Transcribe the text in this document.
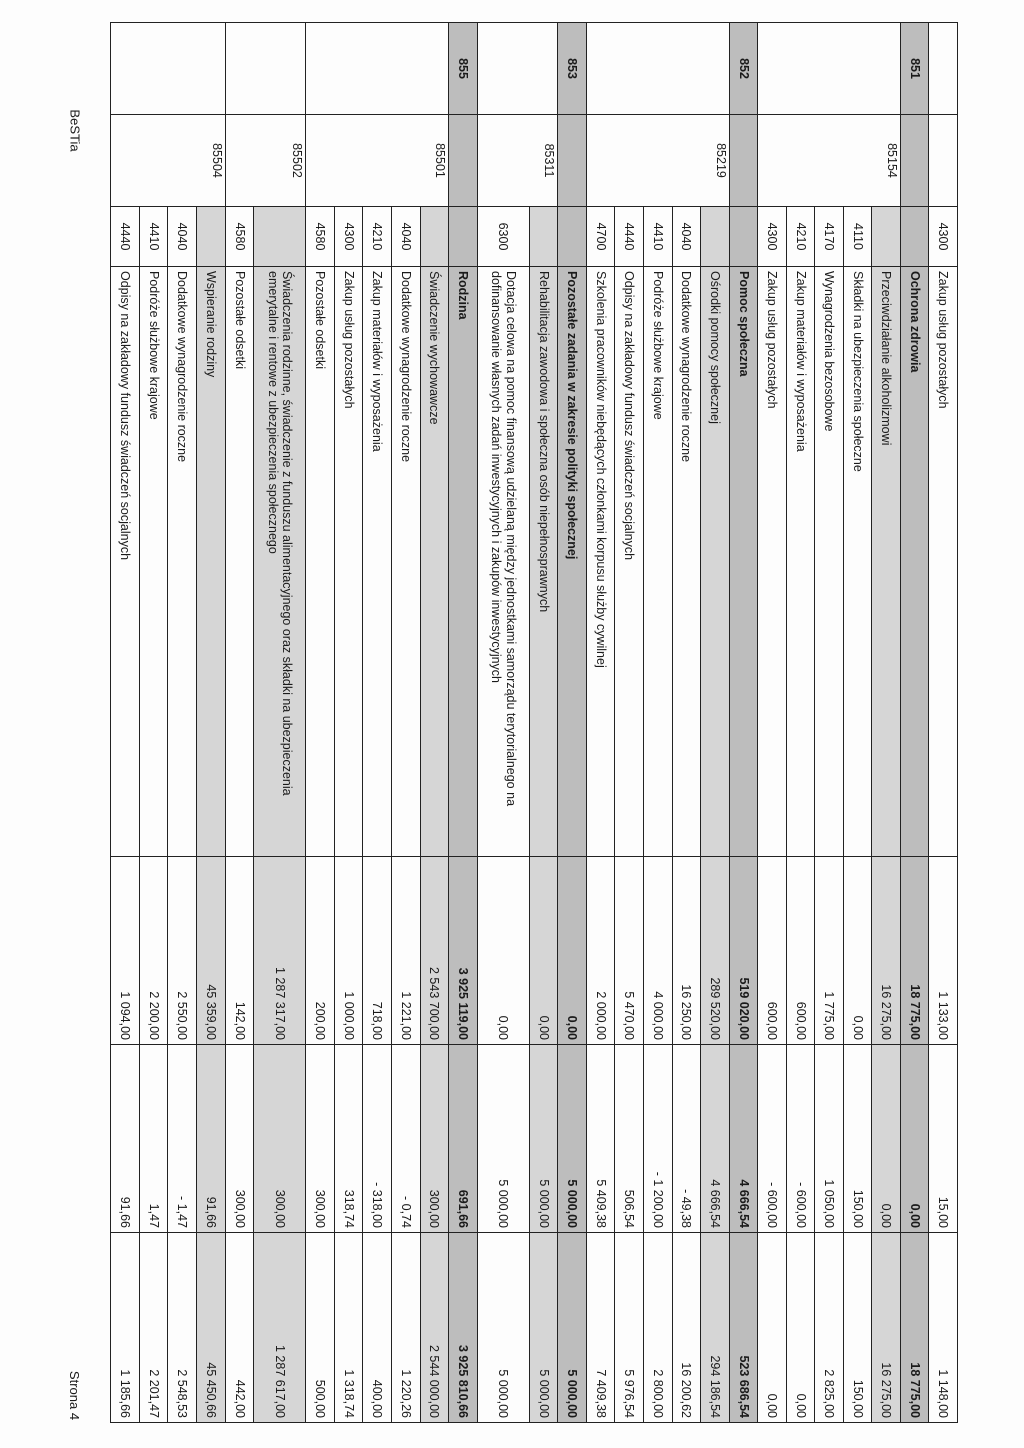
BeSTia
Strona 4
		4300	Zakup usług pozostałych	1 133,00	15,00	1 148,00
851			Ochrona zdrowia	18 775,00	0,00	18 775,00
	85154		Przeciwdziałanie alkoholizmowi	16 275,00	0,00	16 275,00
		4110	Składki na ubezpieczenia społeczne	0,00	150,00	150,00
		4170	Wynagrodzenia bezosobowe	1 775,00	1 050,00	2 825,00
		4210	Zakup materiałów i wyposażenia	600,00	- 600,00	0,00
		4300	Zakup usług pozostałych	600,00	- 600,00	0,00
852			Pomoc społeczna	519 020,00	4 666,54	523 686,54
	85219		Ośrodki pomocy społecznej	289 520,00	4 666,54	294 186,54
		4040	Dodatkowe wynagrodzenie roczne	16 250,00	- 49,38	16 200,62
		4410	Podróże służbowe krajowe	4 000,00	- 1 200,00	2 800,00
		4440	Odpisy na zakładowy fundusz świadczeń socjalnych	5 470,00	506,54	5 976,54
		4700	Szkolenia pracowników niebędących członkami korpusu służby cywilnej	2 000,00	5 409,38	7 409,38
853			Pozostałe zadania w zakresie polityki społecznej	0,00	5 000,00	5 000,00
	85311		Rehabilitacja zawodowa i społeczna osób niepełnosprawnych	0,00	5 000,00	5 000,00
		6300	Dotacja celowa na pomoc finansową udzielaną między jednostkami samorządu terytorialnego na dofinansowanie własnych zadań inwestycyjnych i zakupów inwestycyjnych	0,00	5 000,00	5 000,00
855			Rodzina	3 925 119,00	691,66	3 925 810,66
	85501		Świadczenie wychowawcze	2 543 700,00	300,00	2 544 000,00
		4040	Dodatkowe wynagrodzenie roczne	1 221,00	- 0,74	1 220,26
		4210	Zakup materiałów i wyposażenia	718,00	- 318,00	400,00
		4300	Zakup usług pozostałych	1 000,00	318,74	1 318,74
		4580	Pozostałe odsetki	200,00	300,00	500,00
	85502		Świadczenia rodzinne, świadczenie z funduszu alimentacyjnego oraz składki na ubezpieczenia emerytalne i rentowe z ubezpieczenia społecznego	1 287 317,00	300,00	1 287 617,00
		4580	Pozostałe odsetki	142,00	300,00	442,00
	85504		Wspieranie rodziny	45 359,00	91,66	45 450,66
		4040	Dodatkowe wynagrodzenie roczne	2 550,00	- 1,47	2 548,53
		4410	Podróże służbowe krajowe	2 200,00	1,47	2 201,47
		4440	Odpisy na zakładowy fundusz świadczeń socjalnych	1 094,00	91,66	1 185,66
